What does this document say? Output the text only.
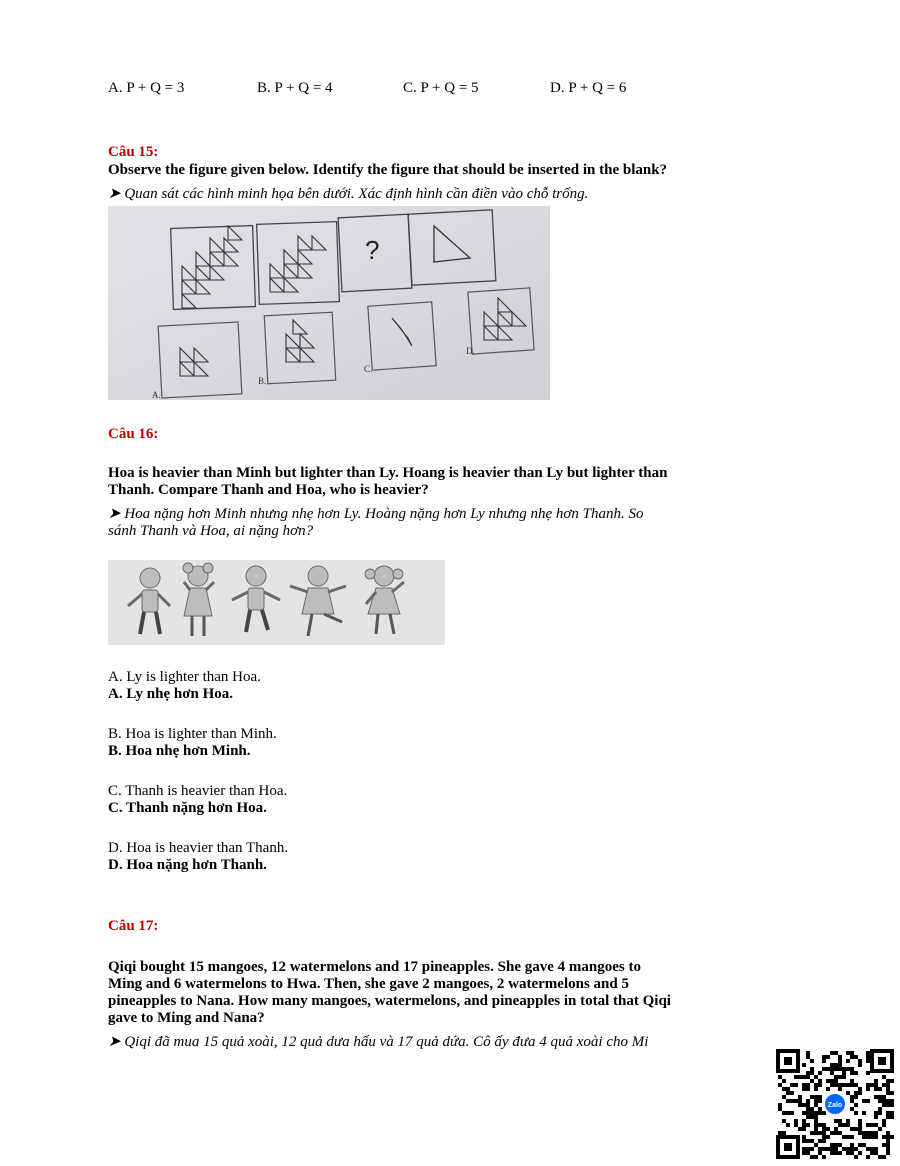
A. P + Q = 3	B. P + Q = 4	C. P + Q = 5	D. P + Q = 6
Câu 15:
Observe the figure given below. Identify the figure that should be inserted in the blank?
➤ Quan sát các hình minh họa bên dưới. Xác định hình cần điền vào chỗ trống.
?
A.
B.
C.
D.
Câu 16:
Hoa is heavier than Minh but lighter than Ly. Hoang is heavier than Ly but lighter than
Thanh. Compare Thanh and Hoa, who is heavier?
➤ Hoa nặng hơn Minh nhưng nhẹ hơn Ly. Hoàng nặng hơn Ly nhưng nhẹ hơn Thanh. So
sánh Thanh và Hoa, ai nặng hơn?
A. Ly is lighter than Hoa.
A. Ly nhẹ hơn Hoa.
B. Hoa is lighter than Minh.
B. Hoa nhẹ hơn Minh.
C. Thanh is heavier than Hoa.
C. Thanh nặng hơn Hoa.
D. Hoa is heavier than Thanh.
D. Hoa nặng hơn Thanh.
Câu 17:
Qiqi bought 15 mangoes, 12 watermelons and 17 pineapples. She gave 4 mangoes to
Ming and 6 watermelons to Hwa. Then, she gave 2 mangoes, 2 watermelons and 5
pineapples to Nana. How many mangoes, watermelons, and pineapples in total that Qiqi
gave to Ming and Nana?
➤ Qiqi đã mua 15 quả xoài, 12 quả dưa hấu và 17 quả dứa. Cô ấy đưa 4 quả xoài cho Mi
Zalo
